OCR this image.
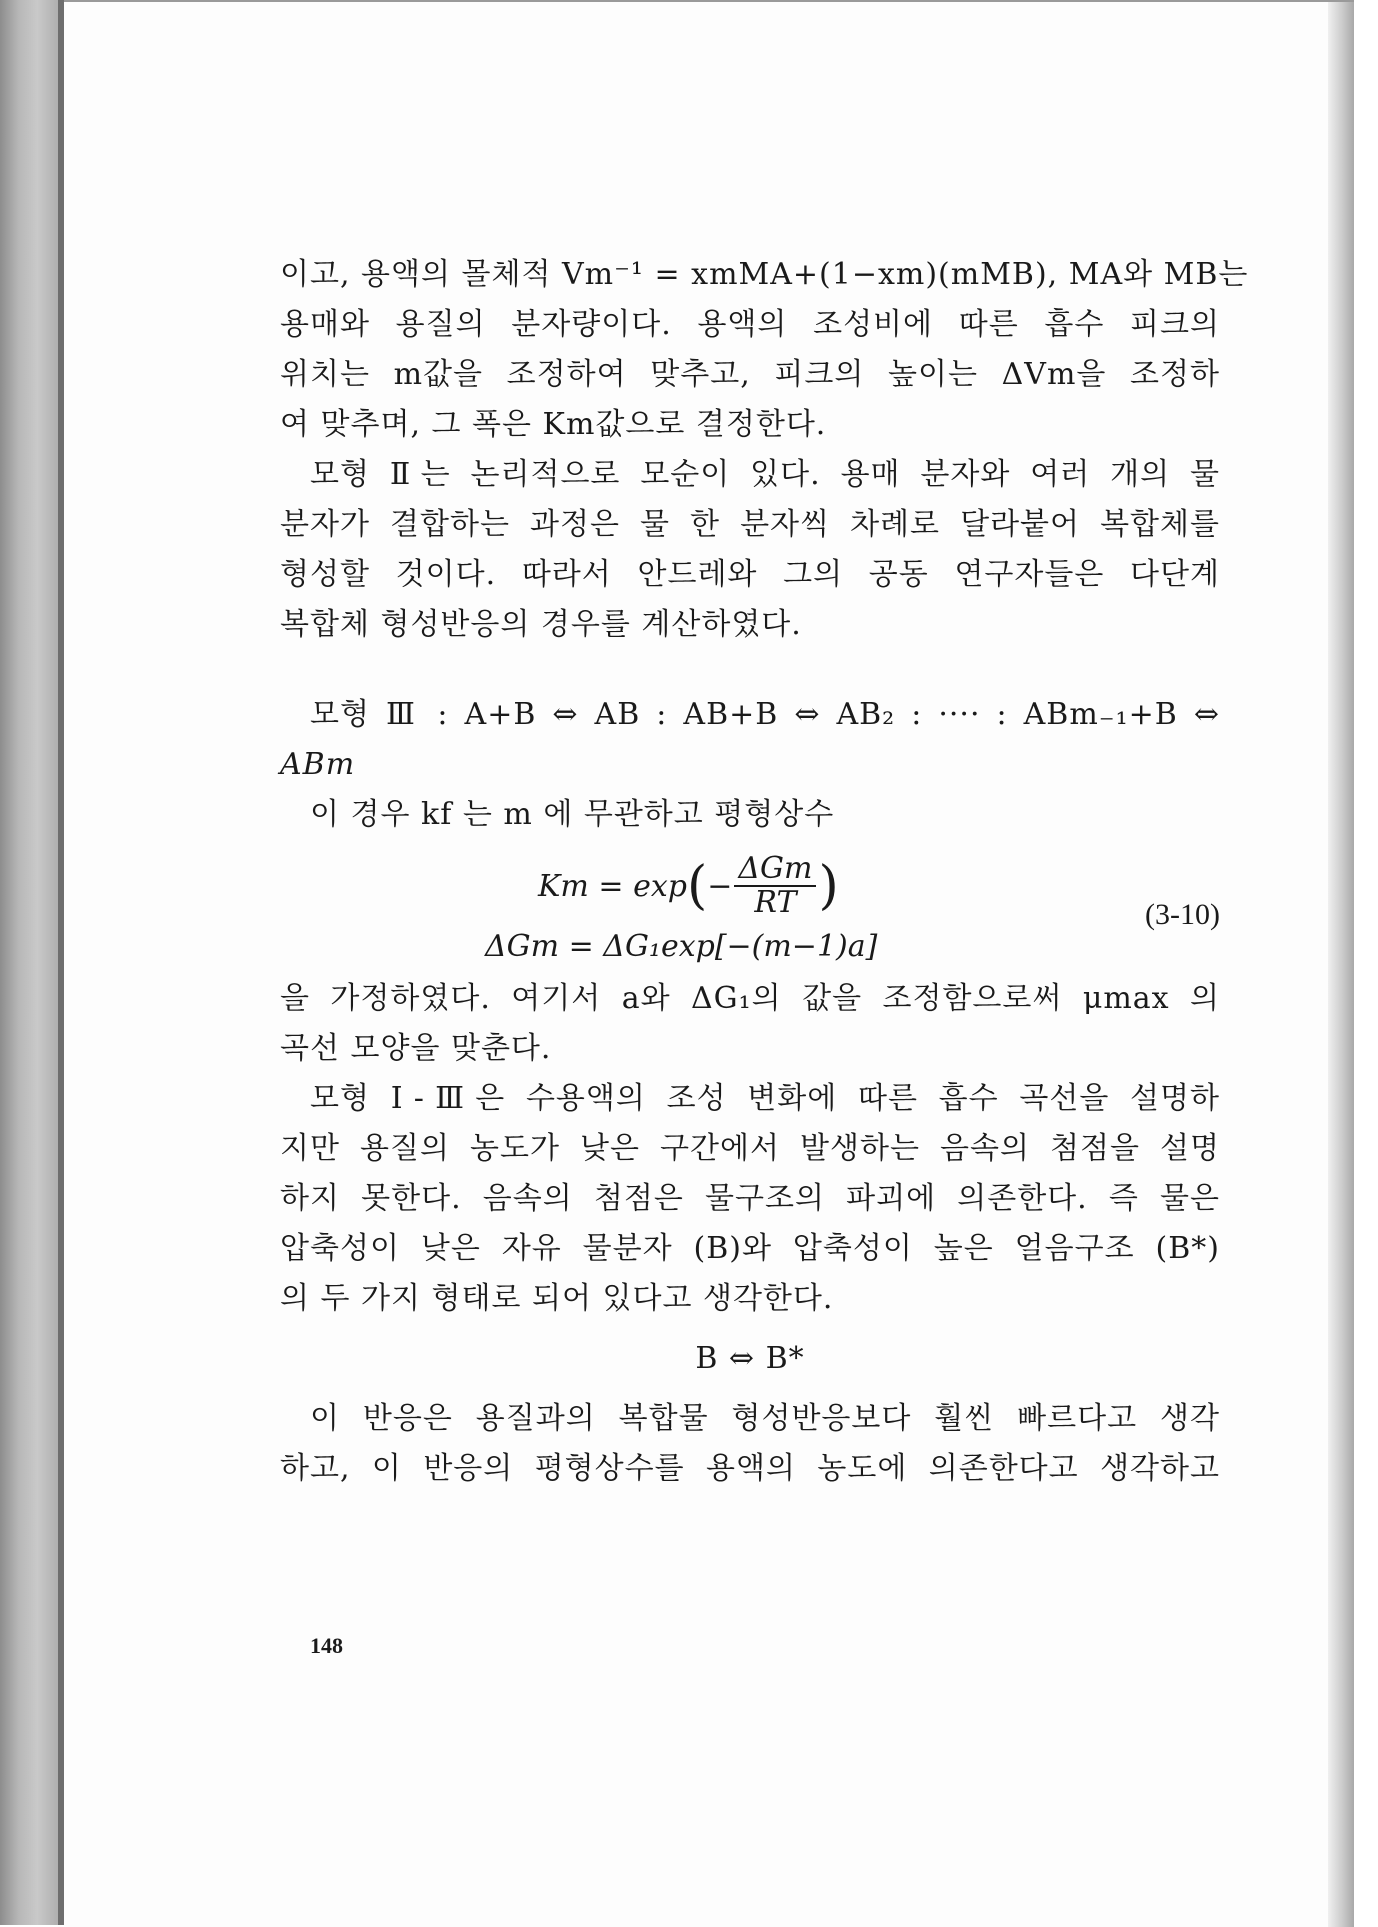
이고, 용액의 몰체적 Vm⁻¹ = xmMA+(1−xm)(mMB), MA와 MB는
용매와 용질의 분자량이다. 용액의 조성비에 따른 흡수 피크의
위치는 m값을 조정하여 맞추고, 피크의 높이는 ΔVm을 조정하
여 맞추며, 그 폭은 Km값으로 결정한다.
모형 Ⅱ는 논리적으로 모순이 있다. 용매 분자와 여러 개의 물
분자가 결합하는 과정은 물 한 분자씩 차례로 달라붙어 복합체를
형성할 것이다. 따라서 안드레와 그의 공동 연구자들은 다단계
복합체 형성반응의 경우를 계산하였다.
모형 Ⅲ : A+B ⇔ AB : AB+B ⇔ AB₂ : ···· : ABm₋₁+B ⇔
ABm
이 경우 kf 는 m 에 무관하고 평형상수
Km = exp ( − $\frac{\text{ΔGm}}{RT}$ )
ΔGm = ΔG₁exp[−(m−1)a]
(3-10)
을 가정하였다. 여기서 a와 ΔG₁의 값을 조정함으로써 μmax 의
곡선 모양을 맞춘다.
모형 Ⅰ-Ⅲ은 수용액의 조성 변화에 따른 흡수 곡선을 설명하
지만 용질의 농도가 낮은 구간에서 발생하는 음속의 첨점을 설명
하지 못한다. 음속의 첨점은 물구조의 파괴에 의존한다. 즉 물은
압축성이 낮은 자유 물분자 (B)와 압축성이 높은 얼음구조 (B*)
의 두 가지 형태로 되어 있다고 생각한다.
B ⇔ B*
이 반응은 용질과의 복합물 형성반응보다 훨씬 빠르다고 생각
하고, 이 반응의 평형상수를 용액의 농도에 의존한다고 생각하고
148
